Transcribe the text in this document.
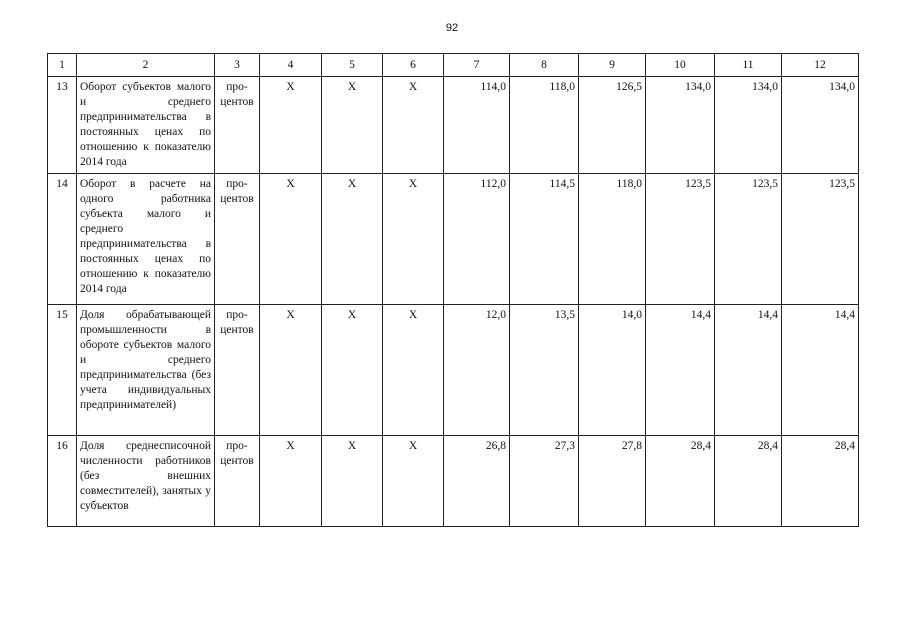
92
1	2	3	4	5	6	7	8	9	10	11	12
13	Оборот субъектов малого и среднего предпринимательства в постоянных ценах по отношению к показателю 2014 года	про-центов	X	X	X	114,0	118,0	126,5	134,0	134,0	134,0
14	Оборот в расчете на одного работника субъекта малого и среднего предпринимательства в постоянных ценах по отношению к показателю 2014 года	про-центов	X	X	X	112,0	114,5	118,0	123,5	123,5	123,5
15	Доля обрабатывающей промышленности в обороте субъектов малого и среднего предпринимательства (без учета индивидуальных предпринимателей)	про-центов	X	X	X	12,0	13,5	14,0	14,4	14,4	14,4
16	Доля среднесписочной численности работников (без внешних совместителей), занятых у субъектов	про-центов	X	X	X	26,8	27,3	27,8	28,4	28,4	28,4
